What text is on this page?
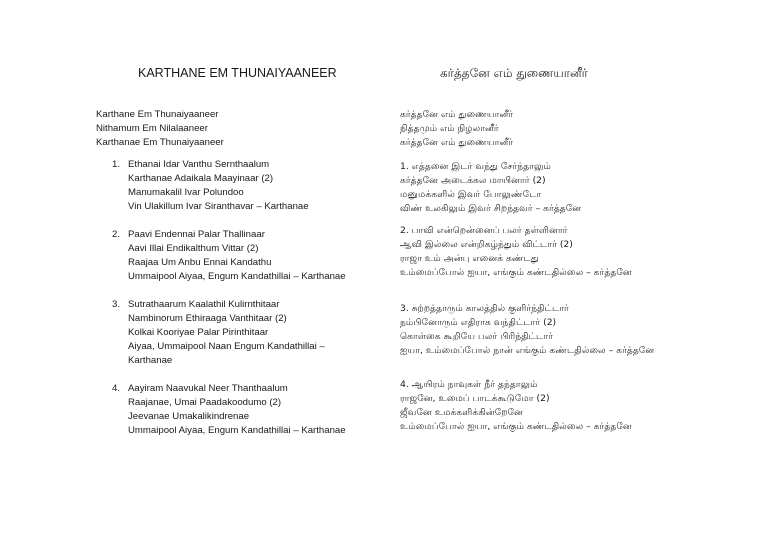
KARTHANE EM THUNAIYAANEER
Karthane Em Thunaiyaaneer
Nithamum Em Nilalaaneer
Karthanae Em Thunaiyaaneer
1. Ethanai Idar Vanthu Sernthaalum
Karthanae Adaikala Maayinaar (2)
Manumakalil Ivar Polundoo
Vin Ulakillum Ivar Siranthavar – Karthanae
2. Paavi Endennai Palar Thallinaar
Aavi Illai Endikalthum Vittar (2)
Raajaa Um Anbu Ennai Kandathu
Ummaipool Aiyaa, Engum Kandathillai – Karthanae
3. Sutrathaarum Kaalathil Kulirnthitaar
Nambinorum Ethiraaga Vanthitaar (2)
Kolkai Kooriyae Palar Pirinthitaar
Aiyaa, Ummaipool Naan Engum Kandathillai – Karthanae
4. Aayiram Naavukal Neer Thanthaalum
Raajanae, Umai Paadakoodumo (2)
Jeevanae Umakalikindrenae
Ummaipool Aiyaa, Engum Kandathillai – Karthanae
கர்த்தனே எம் துணையானீர்
கர்த்தனே எம் துணையானீர்
நித்தமும் எம் நிழலானீர்
கர்த்தனே எம் துணையானீர்
1. எத்தனை இடர் வந்து சேர்ந்தாலும்
கர்த்தனே அடைக்கல மாயினார் (2)
மனுமக்களில் இவர் போலுண்டோ
விண் உலகிலும் இவர் சிறந்தவர் – கர்த்தனே
2. பாவி என்றென்னைப் பலர் தள்ளினார்
ஆவி இல்லை என்றிகழ்ந்தும் விட்டார் (2)
ராஜா உம் அன்பு எனைக் கண்டது
உம்மைப்போல் ஐயா, எங்கும் கண்டதில்லை – கர்த்தனே
3. சுற்றத்தாரும் காலத்தில் குளிர்ந்திட்டார்
நம்பினோரும் எதிராக வந்திட்டார் (2)
கொள்கை கூறியே பலர் பிரிந்திட்டார்
ஐயா, உம்மைப்போல் நான் எங்கும் கண்டதில்லை – கர்த்தனே
4. ஆயிரம் நாவுகள் நீர் தந்தாலும்
ராஜனே, உமைப் பாடக்கூடுமோ (2)
ஜீவனே உமக்களிக்கின்றேனே
உம்மைப்போல் ஐயா, எங்கும் கண்டதில்லை – கர்த்தனே
